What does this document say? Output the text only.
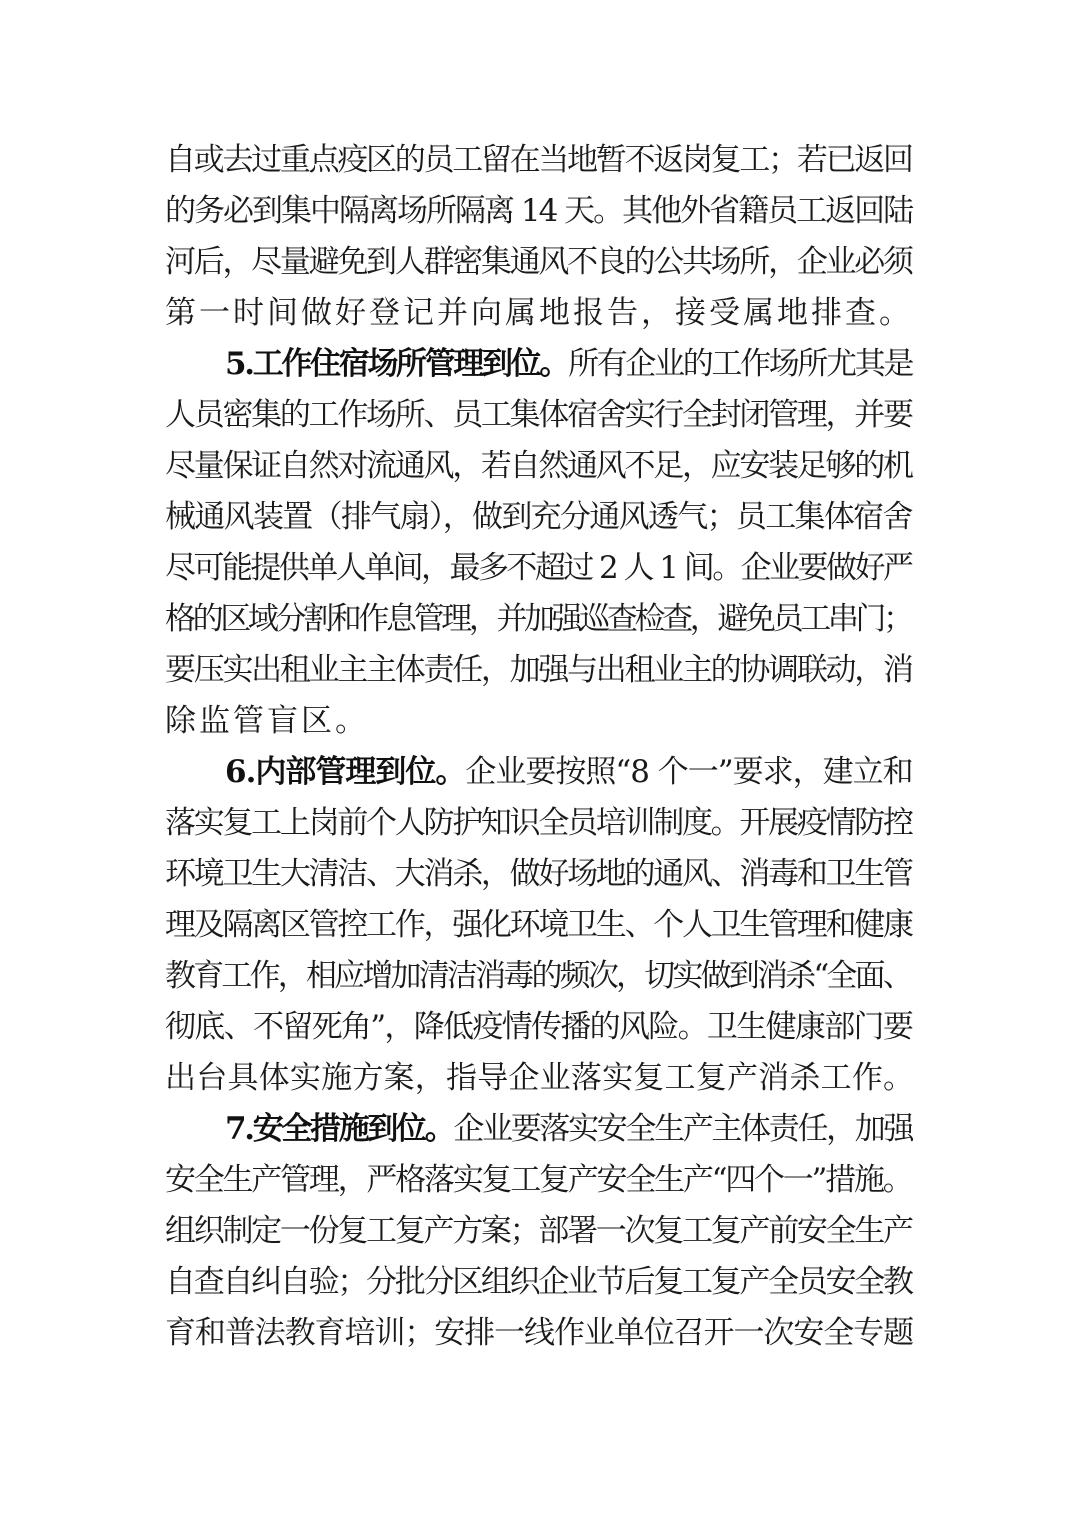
自或去过重点疫区的员工留在当地暂不返岗复工；若已返回
的务必到集中隔离场所隔离 14 天。其他外省籍员工返回陆
河后，尽量避免到人群密集通风不良的公共场所，企业必须
第一时间做好登记并向属地报告，接受属地排查。
5.工作住宿场所管理到位。所有企业的工作场所尤其是
人员密集的工作场所、员工集体宿舍实行全封闭管理，并要
尽量保证自然对流通风，若自然通风不足，应安装足够的机
械通风装置（排气扇），做到充分通风透气；员工集体宿舍
尽可能提供单人单间，最多不超过 2 人 1 间。企业要做好严
格的区域分割和作息管理，并加强巡查检查，避免员工串门；
要压实出租业主主体责任，加强与出租业主的协调联动，消
除监管盲区。
6.内部管理到位。企业要按照“8 个一”要求，建立和
落实复工上岗前个人防护知识全员培训制度。开展疫情防控
环境卫生大清洁、大消杀，做好场地的通风、消毒和卫生管
理及隔离区管控工作，强化环境卫生、个人卫生管理和健康
教育工作，相应增加清洁消毒的频次，切实做到消杀“全面、
彻底、不留死角”，降低疫情传播的风险。卫生健康部门要
出台具体实施方案，指导企业落实复工复产消杀工作。
7.安全措施到位。企业要落实安全生产主体责任，加强
安全生产管理，严格落实复工复产安全生产“四个一”措施。
组织制定一份复工复产方案；部署一次复工复产前安全生产
自查自纠自验；分批分区组织企业节后复工复产全员安全教
育和普法教育培训；安排一线作业单位召开一次安全专题
